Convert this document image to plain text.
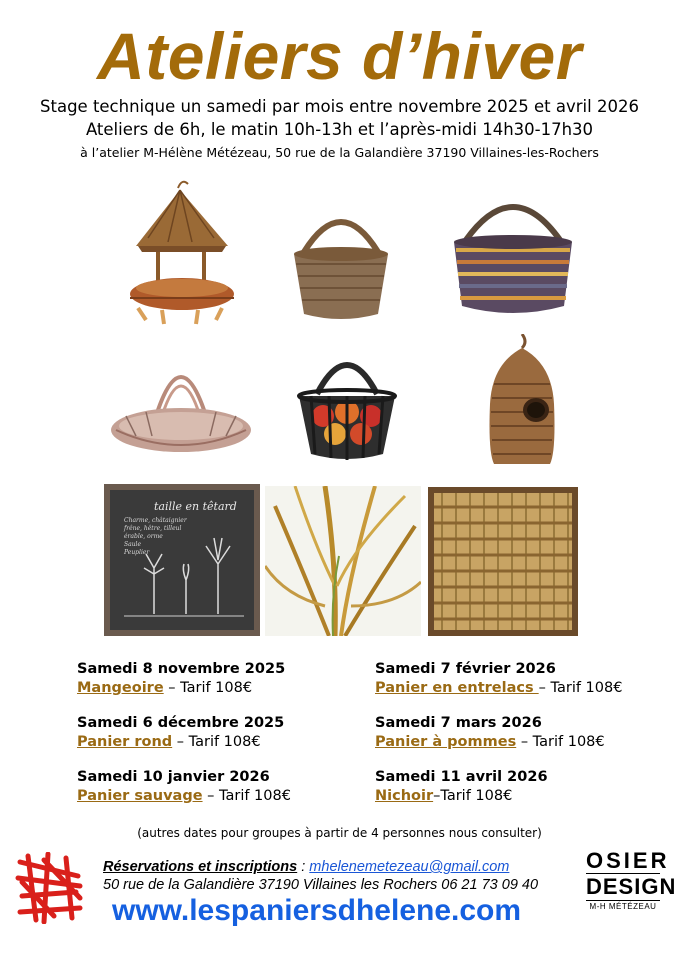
Ateliers d’hiver
Stage technique un samedi par mois entre novembre 2025 et avril 2026
Ateliers de 6h, le matin 10h-13h et l’après-midi 14h30-17h30
à l’atelier M-Hélène Métézeau, 50 rue de la Galandière 37190 Villaines-les-Rochers
taille en têtard
Charme, châtaignier
frêne, hêtre, tilleul
érable, orme
Saule
Peuplier
Samedi 8 novembre 2025
Mangeoire – Tarif 108€
Samedi 6 décembre 2025
Panier rond – Tarif 108€
Samedi 10 janvier 2026
Panier sauvage – Tarif 108€
Samedi 7 février 2026
Panier en entrelacs – Tarif 108€
Samedi 7 mars 2026
Panier à pommes – Tarif 108€
Samedi 11 avril 2026
Nichoir–Tarif 108€
(autres dates pour groupes à partir de 4 personnes nous consulter)
Réservations et inscriptions : mhelenemetezeau@gmail.com
50 rue de la Galandière 37190 Villaines les Rochers 06 21 73 09 40
www.lespaniersdhelene.com
OSIER
DESIGN
M-H MÉTÉZEAU
